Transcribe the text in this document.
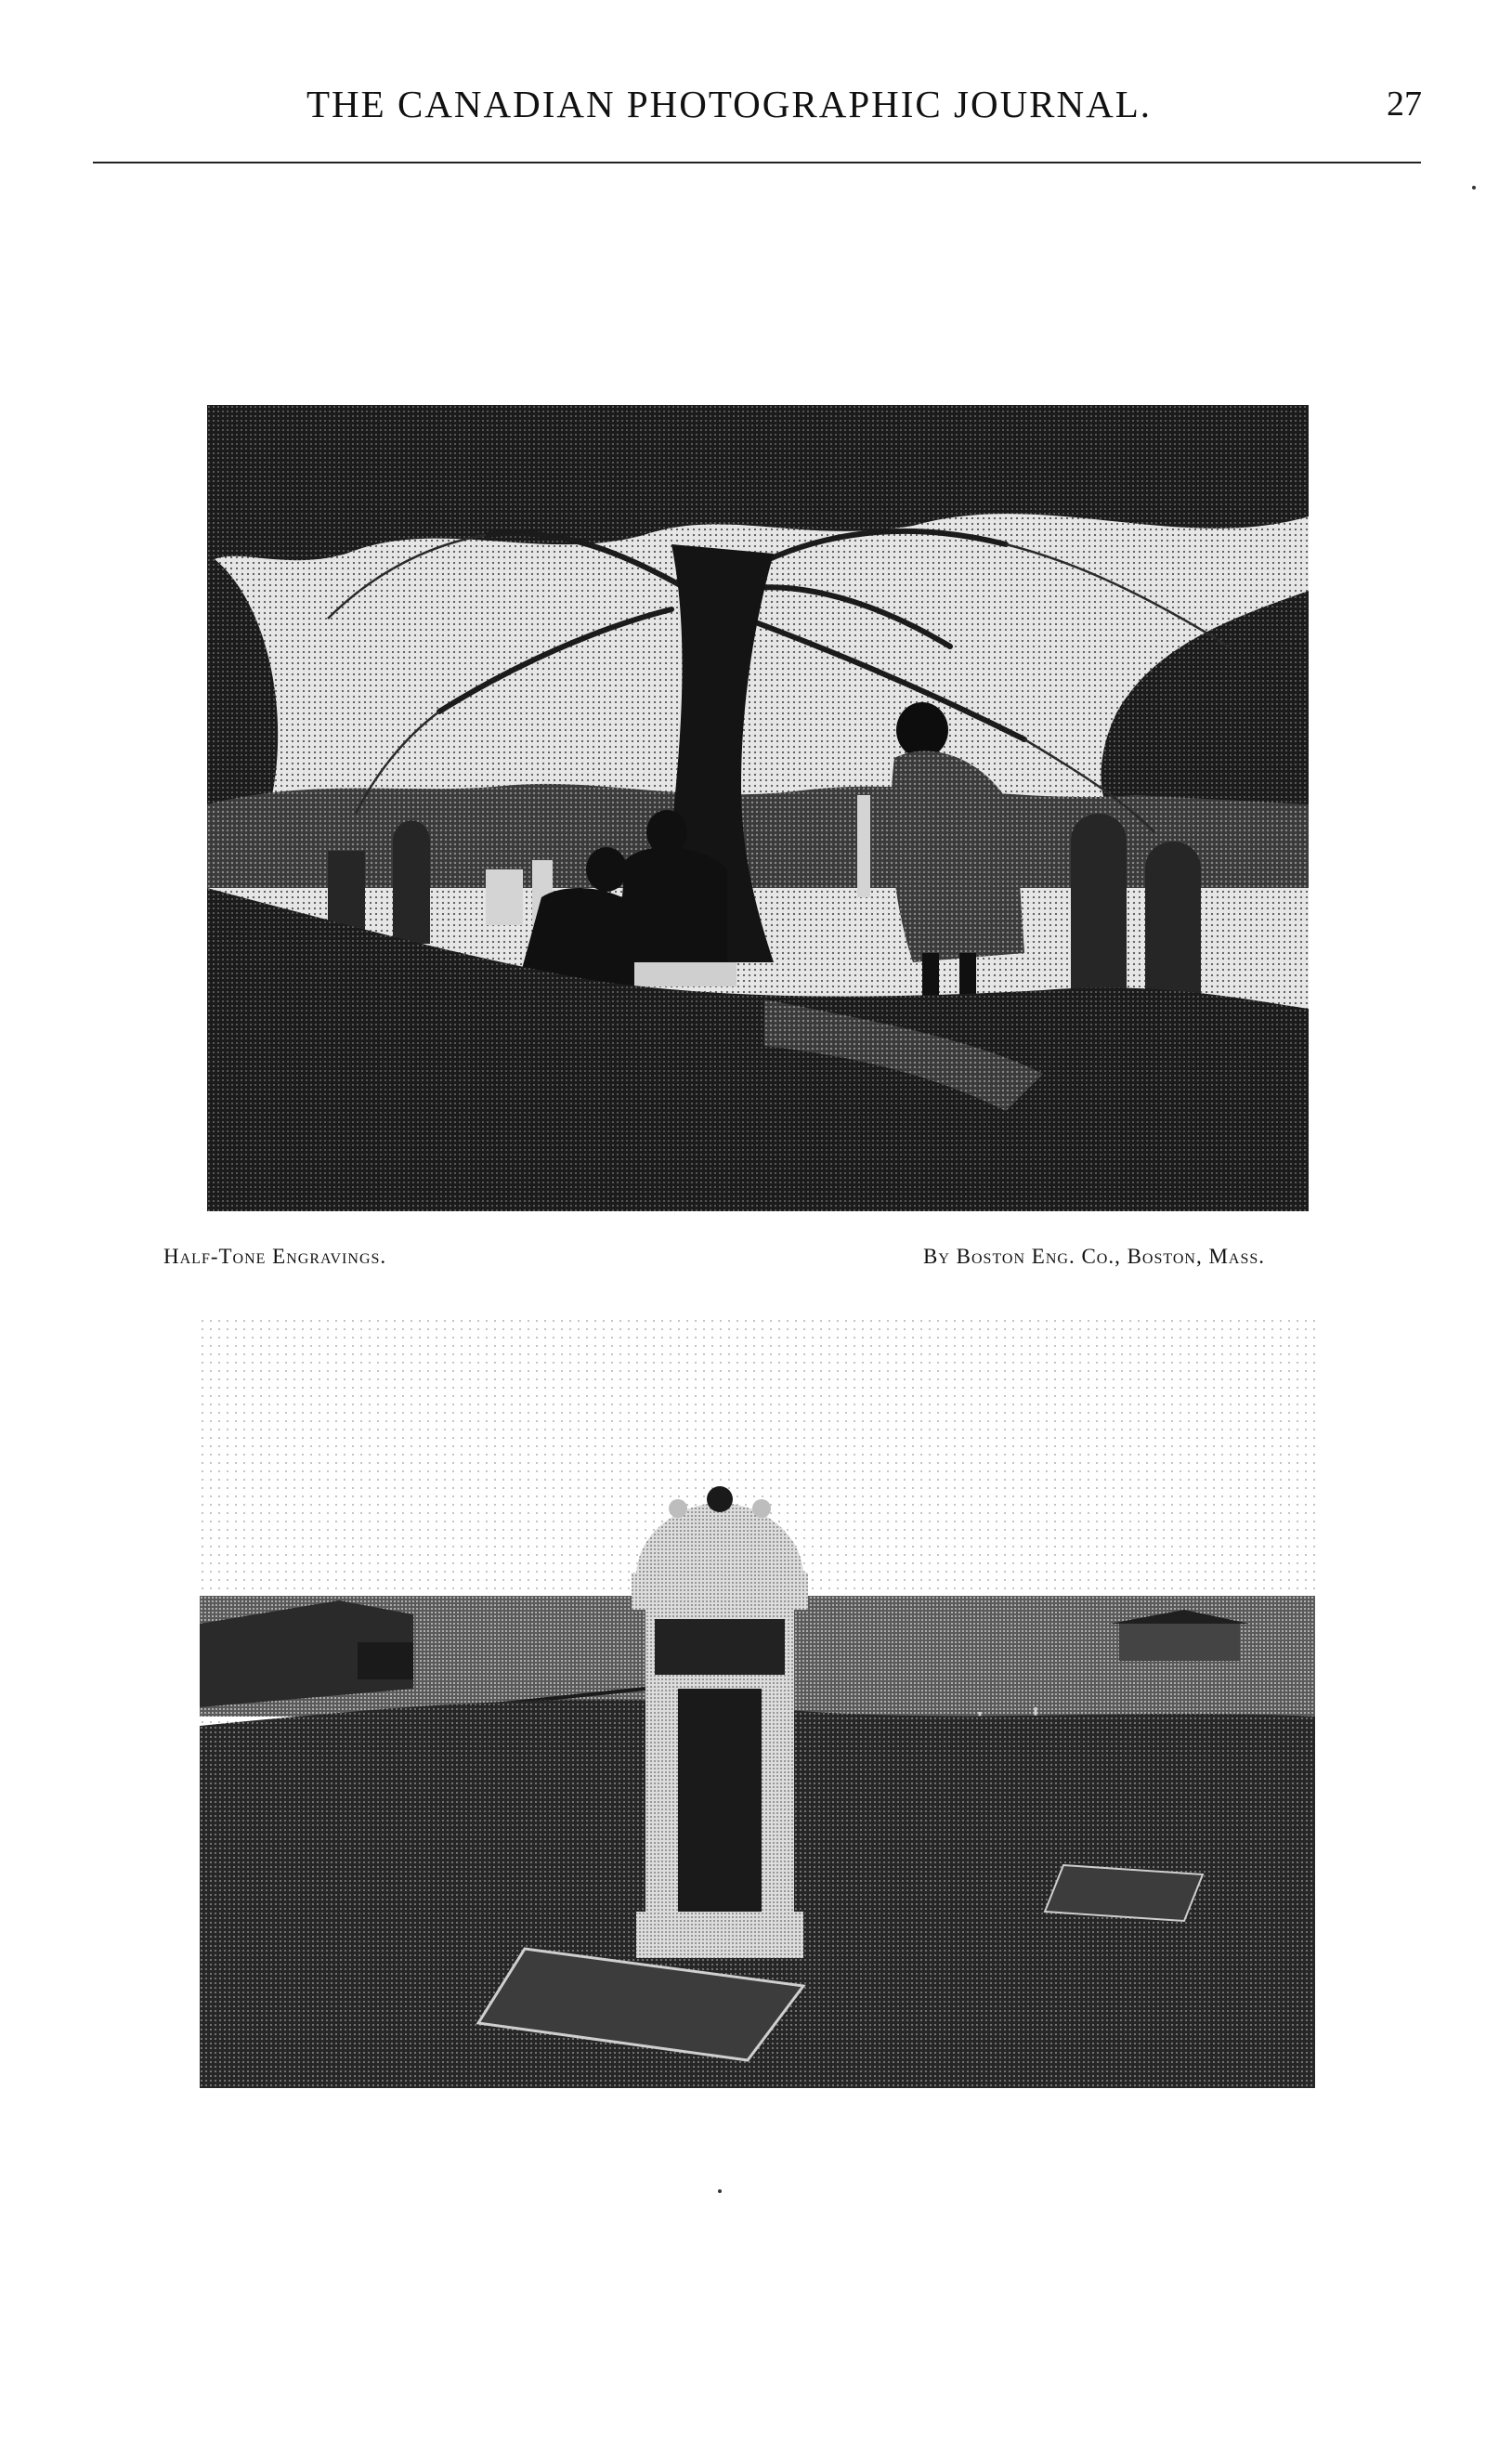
THE CANADIAN PHOTOGRAPHIC JOURNAL.	27
Half-Tone Engravings.	By Boston Eng. Co., Boston, Mass.
